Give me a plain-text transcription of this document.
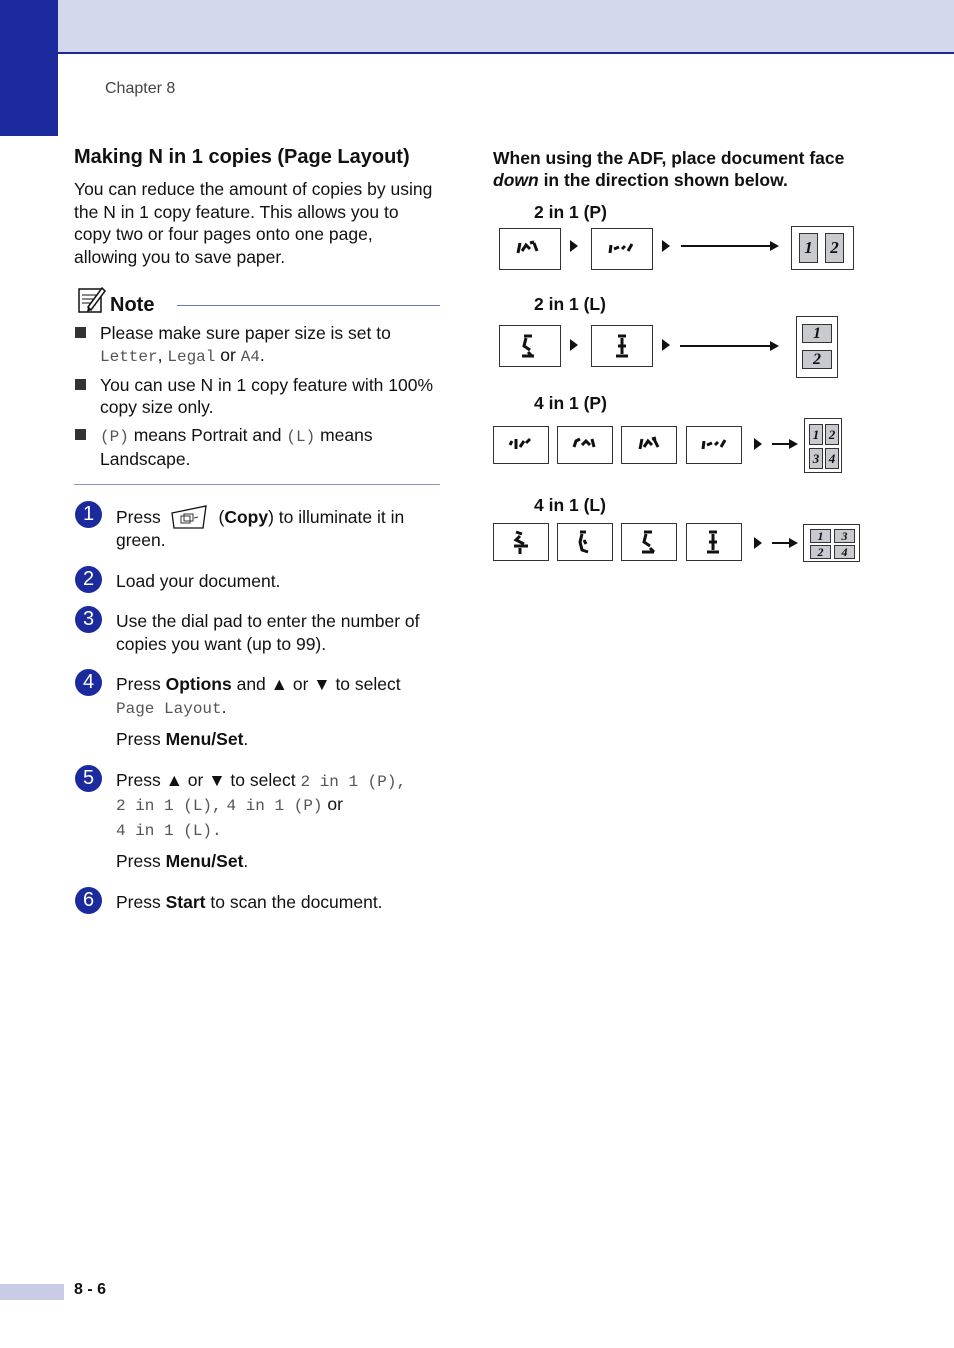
Chapter 8
Making N in 1 copies (Page Layout)

You can reduce the amount of copies by using the N in 1 copy feature. This allows you to copy two or four pages onto one page, allowing you to save paper.

Note
Please make sure paper size is set to
Letter, Legal or A4.
You can use N in 1 copy feature with 100% copy size only.
(P) means Portrait and (L) means Landscape.
1	Press	(Copy) to illuminate it in green.
2	Load your document.
3	Use the dial pad to enter the number of copies you want (up to 99).
4	Press Options and ▲ or ▼ to select
Page Layout.
Press Menu/Set.
5	Press ▲ or ▼ to select 2 in 1 (P),
2 in 1 (L), 4 in 1 (P) or
4 in 1 (L).
Press Menu/Set.
6	Press Start to scan the document.
When using the ADF, place document face
down in the direction shown below.
2 in 1 (P)
1	2
2 in 1 (L)
1
2
4 in 1 (P)
1 2
3 4
4 in 1 (L)
1	3
2	4
8 - 6
